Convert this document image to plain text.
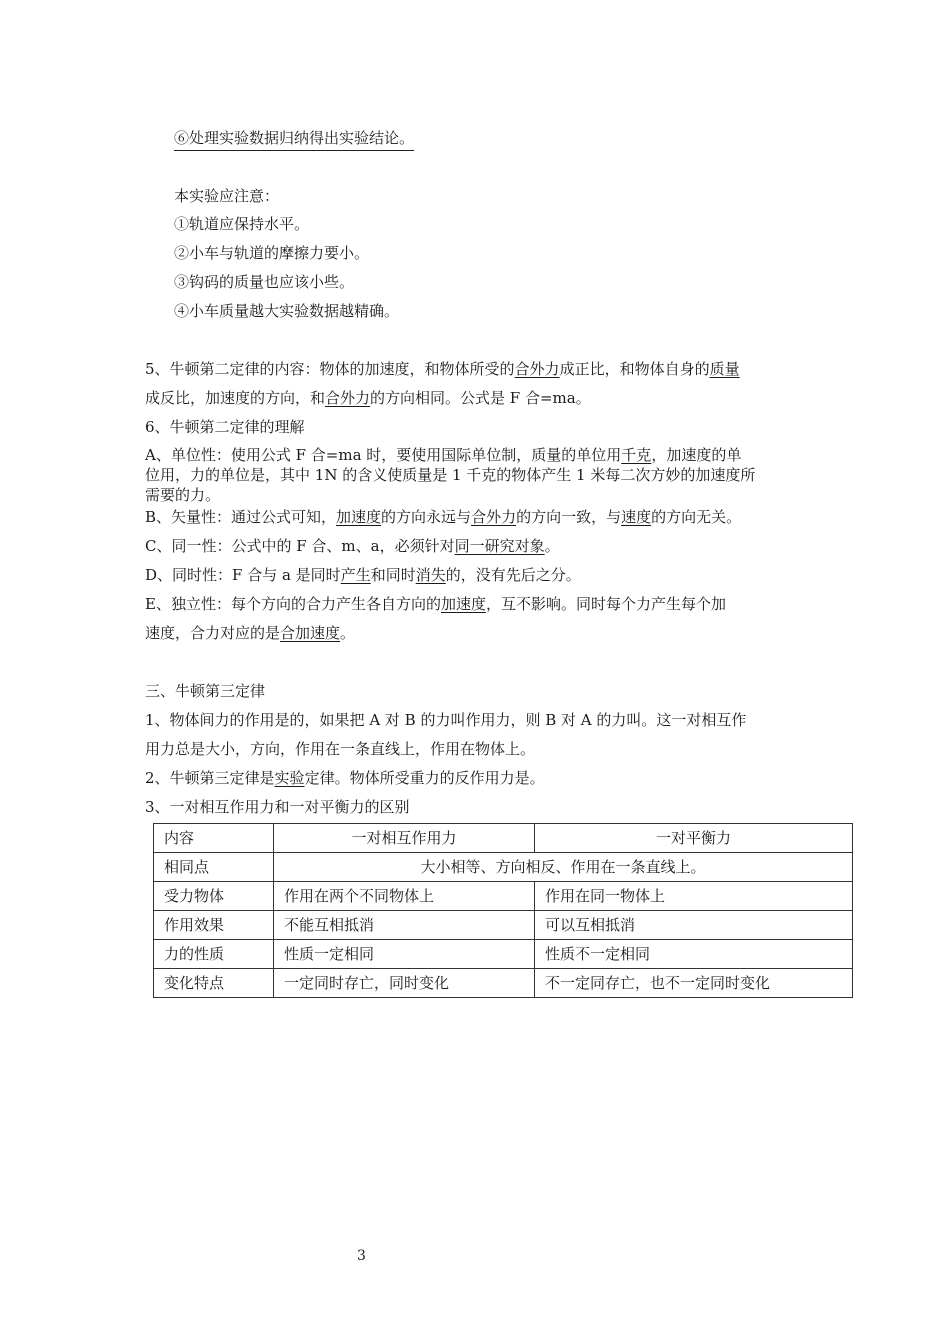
⑥处理实验数据归纳得出实验结论。
本实验应注意：
①轨道应保持水平。
②小车与轨道的摩擦力要小。
③钩码的质量也应该小些。
④小车质量越大实验数据越精确。
5、牛顿第二定律的内容：物体的加速度，和物体所受的合外力成正比，和物体自身的质量
成反比，加速度的方向，和合外力的方向相同。公式是 F 合=ma。
6、牛顿第二定律的理解
A、单位性：使用公式 F 合=ma 时，要使用国际单位制，质量的单位用千克，加速度的单
位用，力的单位是，其中 1N 的含义使质量是 1 千克的物体产生 1 米每二次方妙的加速度所
需要的力。
B、矢量性：通过公式可知，加速度的方向永远与合外力的方向一致，与速度的方向无关。
C、同一性：公式中的 F 合、m、a，必须针对同一研究对象。
D、同时性：F 合与 a 是同时产生和同时消失的，没有先后之分。
E、独立性：每个方向的合力产生各自方向的加速度，互不影响。同时每个力产生每个加
速度，合力对应的是合加速度。
三、牛顿第三定律
1、物体间力的作用是的，如果把 A 对 B 的力叫作用力，则 B 对 A 的力叫。这一对相互作
用力总是大小，方向，作用在一条直线上，作用在物体上。
2、牛顿第三定律是实验定律。物体所受重力的反作用力是。
3、一对相互作用力和一对平衡力的区别
内容	一对相互作用力	一对平衡力
相同点	大小相等、方向相反、作用在一条直线上。	
受力物体	作用在两个不同物体上	作用在同一物体上
作用效果	不能互相抵消	可以互相抵消
力的性质	性质一定相同	性质不一定相同
变化特点	一定同时存亡，同时变化	不一定同存亡，也不一定同时变化
3
